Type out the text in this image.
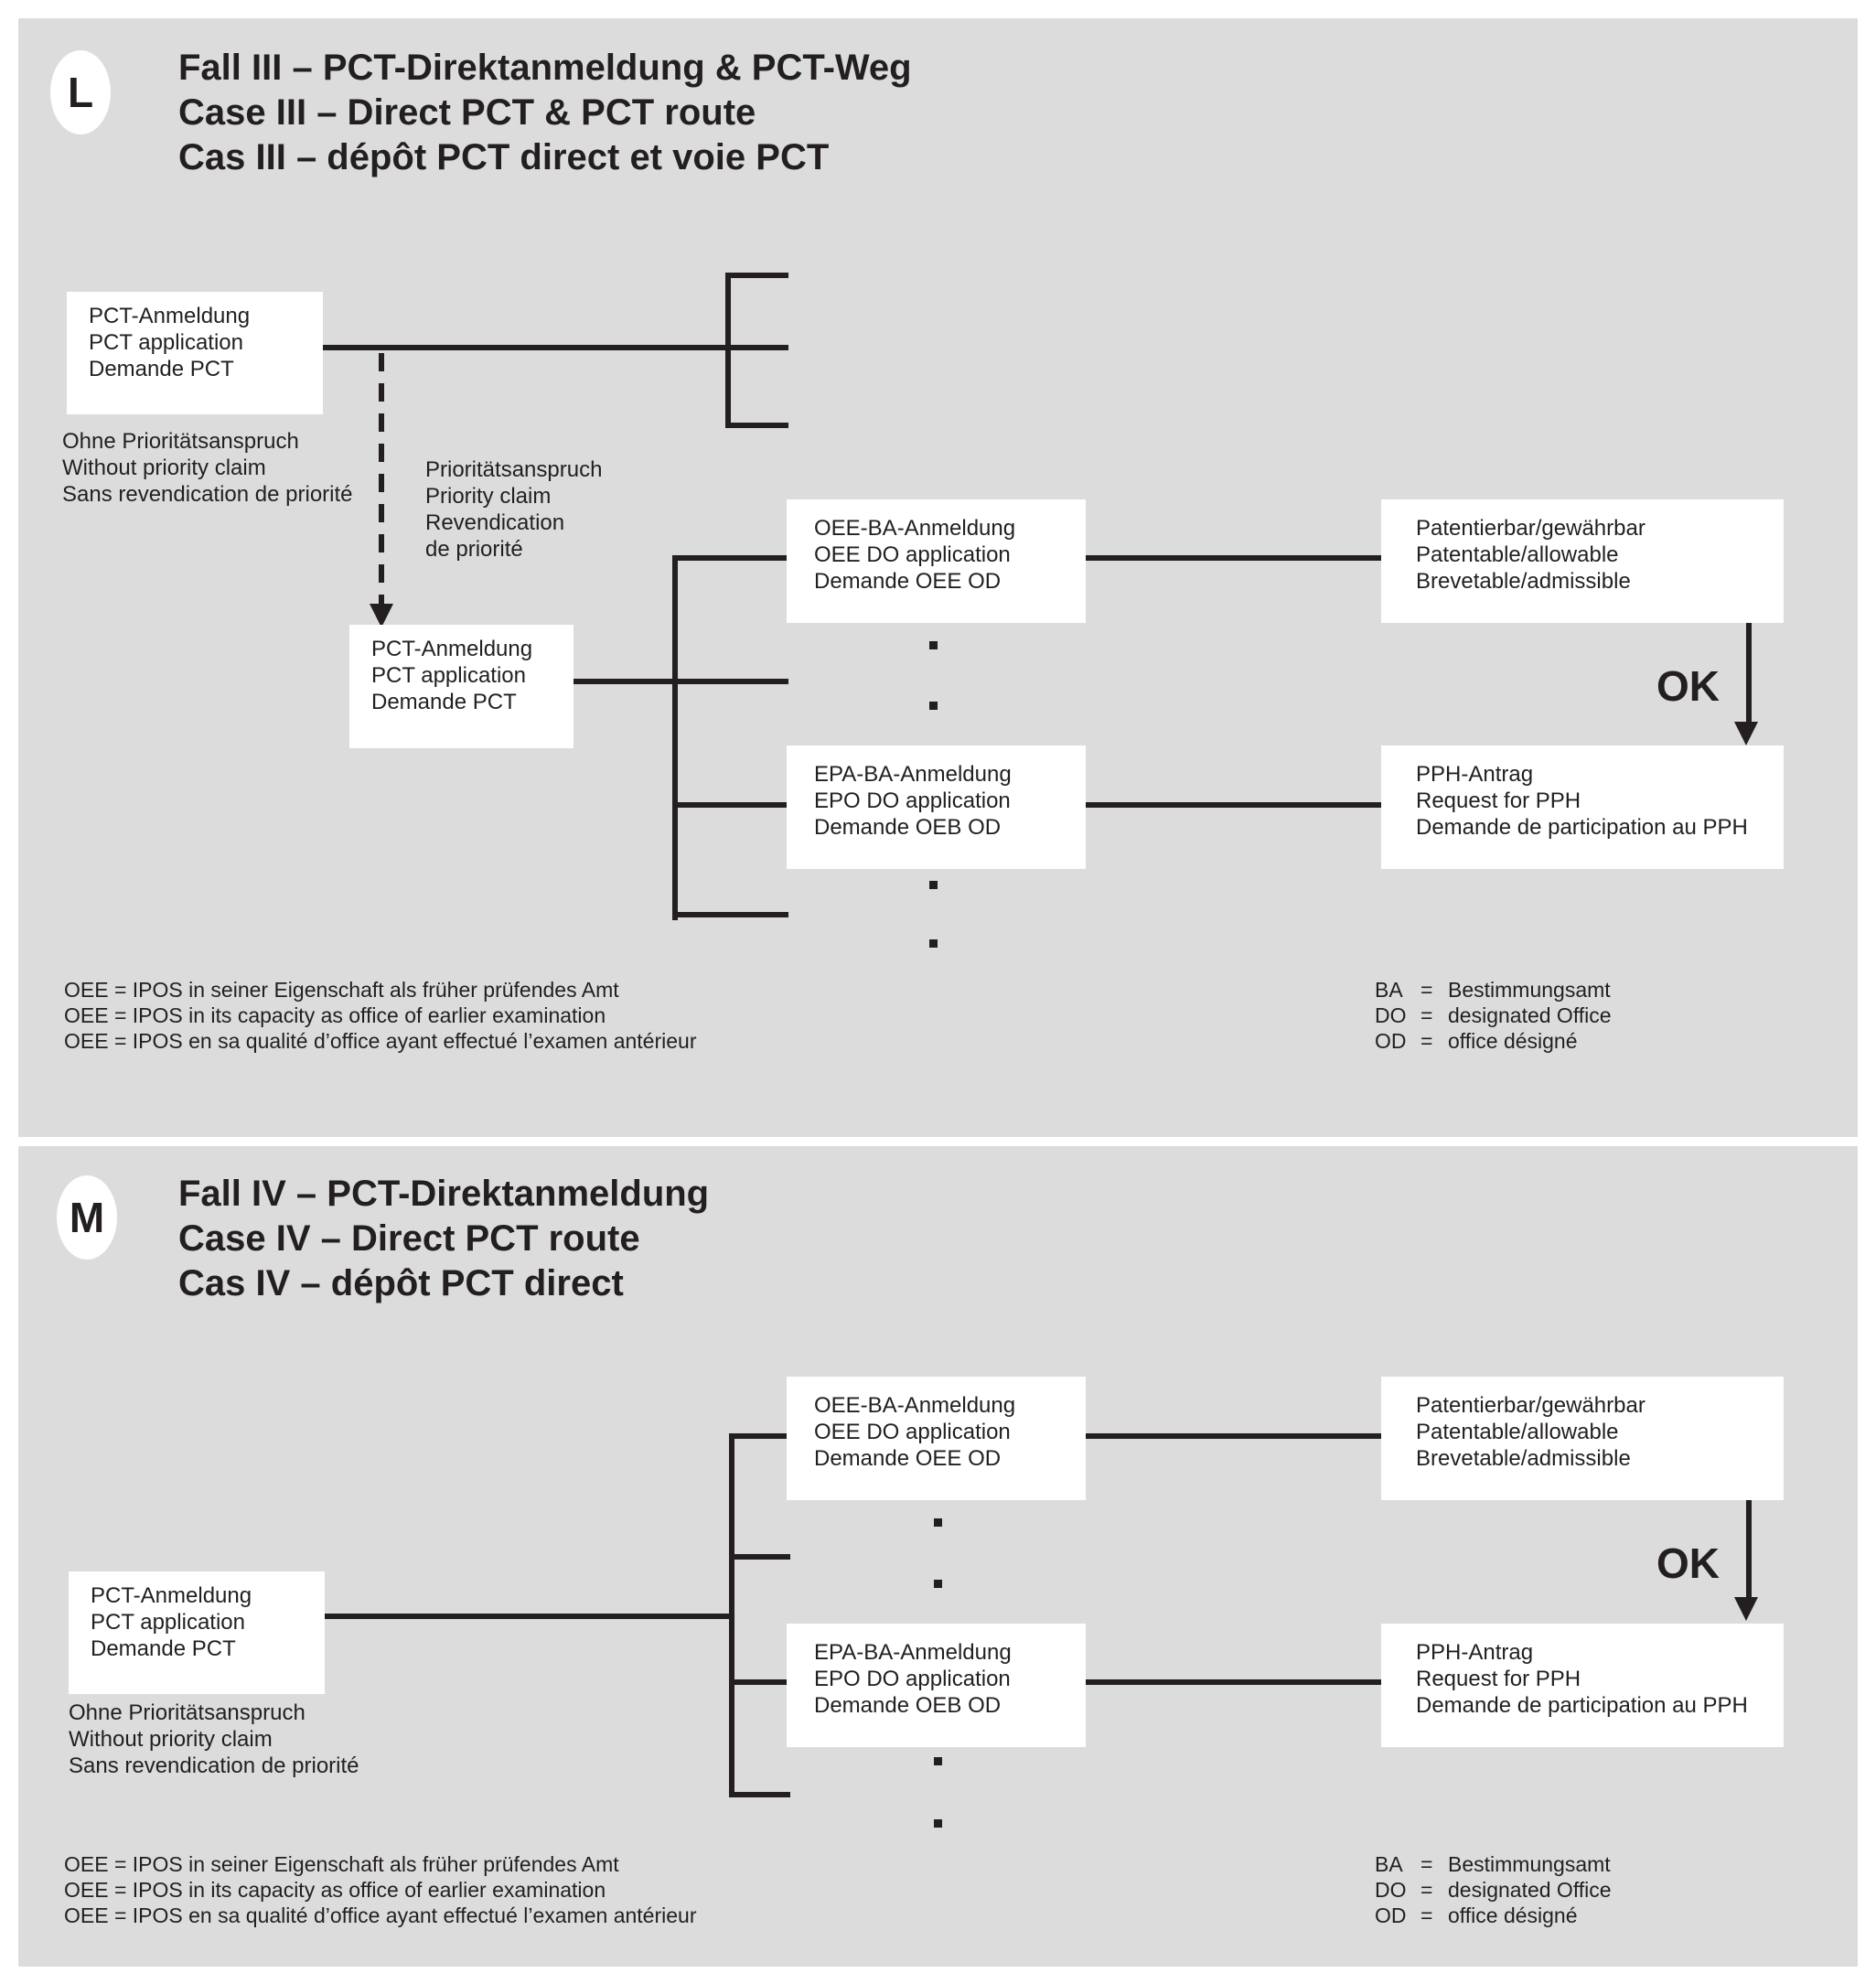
L
Fall III – PCT-Direktanmeldung & PCT-Weg
Case III – Direct PCT & PCT route
Cas III – dépôt PCT direct et voie PCT
PCT-Anmeldung
PCT application
Demande PCT
Ohne Prioritätsanspruch
Without priority claim
Sans revendication de priorité
Prioritätsanspruch
Priority claim
Revendication
de priorité
PCT-Anmeldung
PCT application
Demande PCT
OEE-BA-Anmeldung
OEE DO application
Demande OEE OD
EPA-BA-Anmeldung
EPO DO application
Demande OEB OD
Patentierbar/gewährbar
Patentable/allowable
Brevetable/admissible
OK
PPH-Antrag
Request for PPH
Demande de participation au PPH
OEE = IPOS in seiner Eigenschaft als früher prüfendes Amt
OEE = IPOS in its capacity as office of earlier examination
OEE = IPOS en sa qualité d’office ayant effectué l’examen antérieur
BA = Bestimmungsamt
DO = designated Office
OD = office désigné
M Fall IV – PCT-Direktanmeldung
Case IV – Direct PCT route
Cas IV – dépôt PCT direct
PCT-Anmeldung
PCT application
Demande PCT
Ohne Prioritätsanspruch
Without priority claim
Sans revendication de priorité
OEE-BA-Anmeldung
OEE DO application
Demande OEE OD
EPA-BA-Anmeldung
EPO DO application
Demande OEB OD
Patentierbar/gewährbar
Patentable/allowable
Brevetable/admissible
OK
PPH-Antrag
Request for PPH
Demande de participation au PPH
OEE = IPOS in seiner Eigenschaft als früher prüfendes Amt
OEE = IPOS in its capacity as office of earlier examination
OEE = IPOS en sa qualité d’office ayant effectué l’examen antérieur
BA = Bestimmungsamt
DO = designated Office
OD = office désigné
